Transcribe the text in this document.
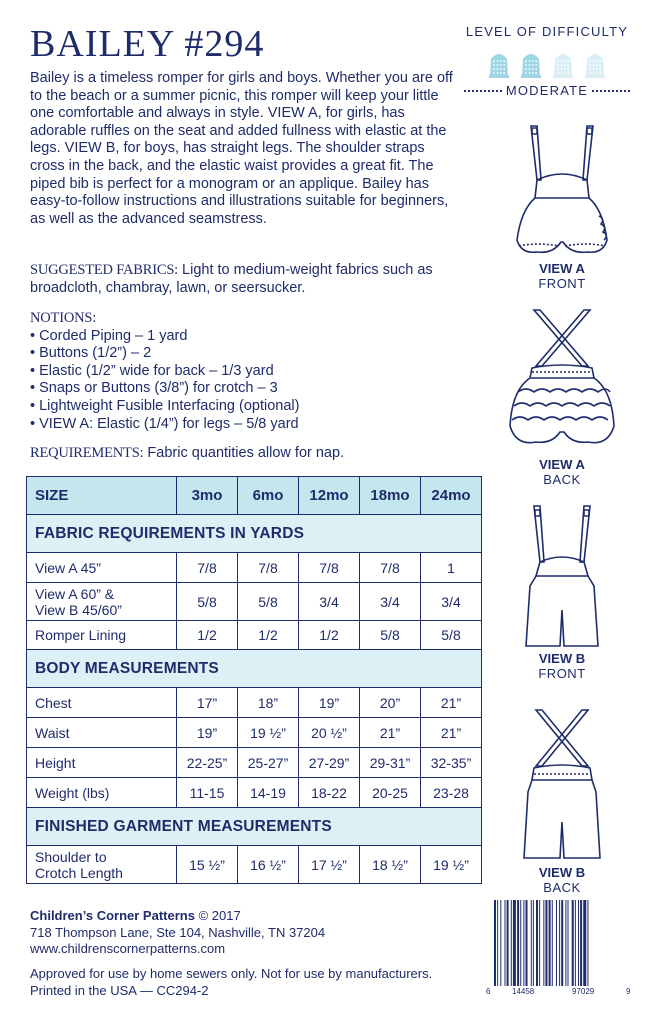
BAILEY #294

Bailey is a timeless romper for girls and boys. Whether you are off to the beach or a summer picnic, this romper will keep your little one comfortable and always in style. VIEW A, for girls, has adorable ruffles on the seat and added fullness with elastic at the legs. VIEW B, for boys, has straight legs. The shoulder straps cross in the back, and the elastic waist provides a great fit. The piped bib is perfect for a monogram or an applique. Bailey has easy-to-follow instructions and illustrations suitable for beginners, as well as the advanced seamstress.

SUGGESTED FABRICS: Light to medium-weight fabrics such as broadcloth, chambray, lawn, or seersucker.

NOTIONS:
• Corded Piping – 1 yard
• Buttons (1/2”) – 2
• Elastic (1/2” wide for back – 1/3 yard
• Snaps or Buttons (3/8”) for crotch – 3
• Lightweight Fusible Interfacing (optional)
• VIEW A: Elastic (1/4”) for legs – 5/8 yard

REQUIREMENTS: Fabric quantities allow for nap.

LEVEL OF DIFFICULTY
MODERATE
VIEW A
FRONT
VIEW A
BACK
VIEW B
FRONT
VIEW B
BACK
SIZE	3mo	6mo	12mo	18mo	24mo
FABRIC REQUIREMENTS IN YARDS					
View A 45”	7/8	7/8	7/8	7/8	1
View A 60” &
View B 45/60”	5/8	5/8	3/4	3/4	3/4
Romper Lining	1/2	1/2	1/2	5/8	5/8
BODY MEASUREMENTS					
Chest	17”	18”	19”	20”	21”
Waist	19”	19 ½”	20 ½”	21”	21”
Height	22-25”	25-27”	27-29”	29-31”	32-35”
Weight (lbs)	11-15	14-19	18-22	20-25	23-28
FINISHED GARMENT MEASUREMENTS					
Shoulder to
Crotch Length	15 ½”	16 ½”	17 ½”	18 ½”	19 ½”
Children’s Corner Patterns © 2017
718 Thompson Lane, Ste 104, Nashville, TN 37204
www.childrenscornerpatterns.com
Approved for use by home sewers only. Not for use by manufacturers.
Printed in the USA — CC294-2	6	14458	97029	9
